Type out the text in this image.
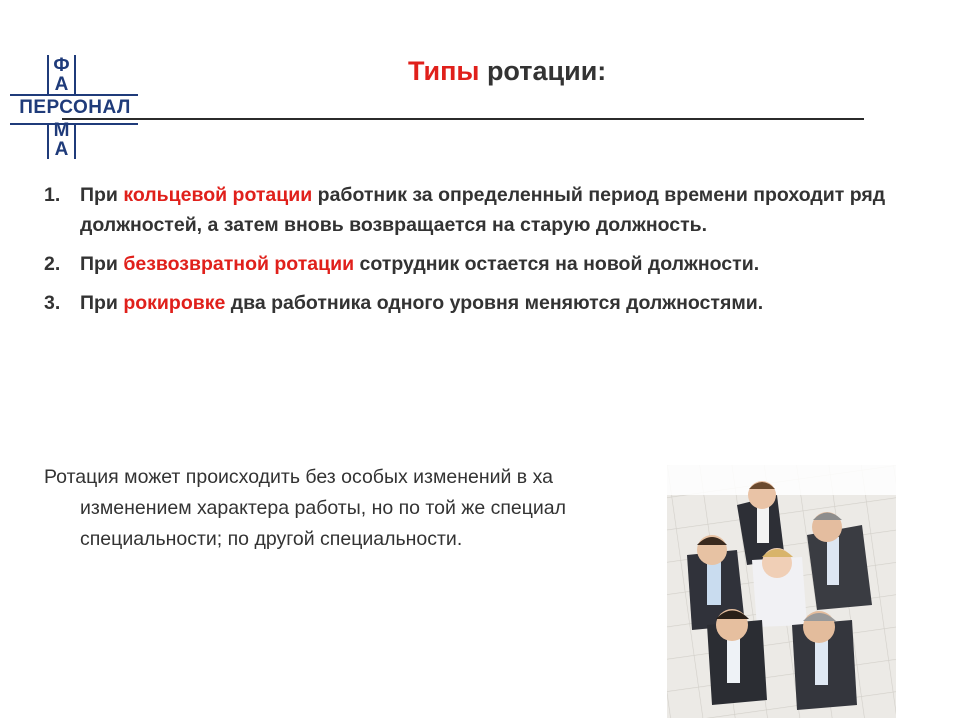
Ф
А
ПЕРСОНАЛ
М
А
Типы ротации:
1. При кольцевой ротации работник за определенный период времени проходит ряд должностей, а затем вновь возвращается на старую должность.
2. При безвозвратной ротации сотрудник остается на новой должности.
3. При рокировке два работника одного уровня меняются должностями.
Ротация может происходить без особых изменений в ха
изменением характера работы, но по той же специал
специальности; по другой специальности.
